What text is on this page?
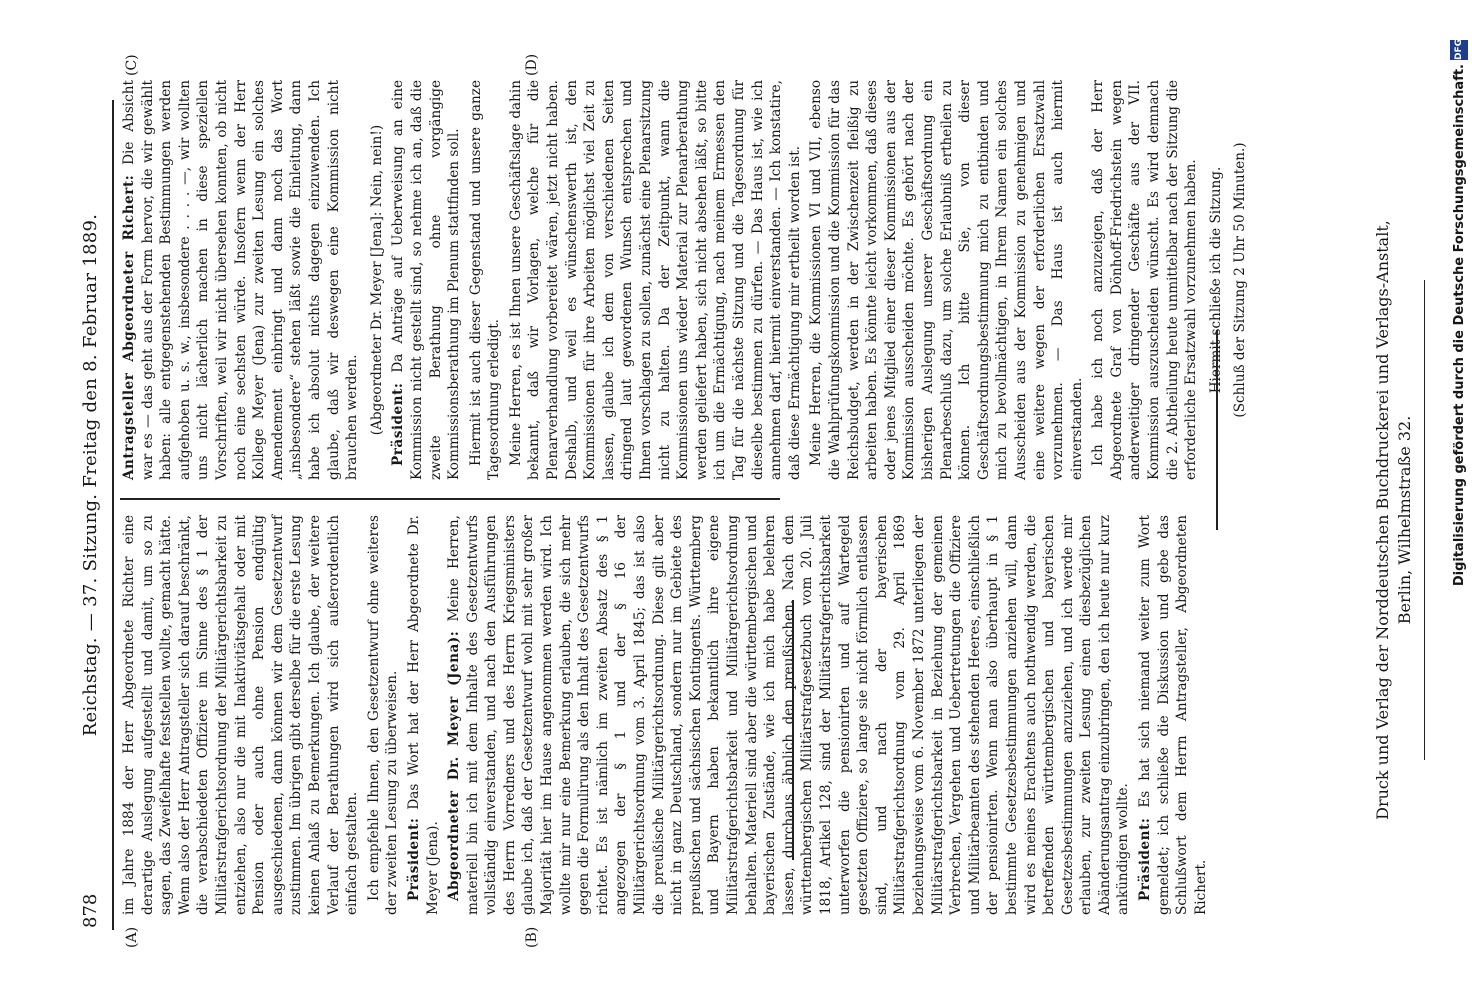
878
Reichstag. — 37. Sitzung. Freitag den 8. Februar 1889.
(A)	(B)
(C)	(D)

im Jahre 1884 der Herr Abgeordnete Richter eine derartige Auslegung aufgestellt und damit, um so zu sagen, das Zweifelhafte feststellen wollte, gemacht hätte. Wenn also der Herr Antragsteller sich darauf beschränkt, die verabschiedeten Offiziere im Sinne des § 1 der Militärstrafgerichtsordnung der Militärgerichtsbarkeit zu entziehen, also nur die mit Inaktivitätsgehalt oder mit Pension oder auch ohne Pension endgültig ausgeschiedenen, dann können wir dem Gesetzentwurf zustimmen. Im übrigen gibt derselbe für die erste Lesung keinen Anlaß zu Bemerkungen. Ich glaube, der weitere Verlauf der Berathungen wird sich außerordentlich einfach gestalten. Ich empfehle Ihnen, den Gesetzentwurf ohne weiteres der zweiten Lesung zu überweisen. Präsident: Das Wort hat der Herr Abgeordnete Dr. Meyer (Jena). Abgeordneter Dr. Meyer (Jena): Meine Herren, materiell bin ich mit dem Inhalte des Gesetzentwurfs vollständig einverstanden, und nach den Ausführungen des Herrn Vorredners und des Herrn Kriegsministers glaube ich, daß der Gesetzentwurf wohl mit sehr großer Majorität hier im Hause angenommen werden wird. Ich wollte mir nur eine Bemerkung erlauben, die sich mehr gegen die Formulirung als den Inhalt des Gesetzentwurfs richtet. Es ist nämlich im zweiten Absatz des § 1 angezogen der § 1 und der § 16 der Militärgerichtsordnung vom 3. April 1845; das ist also die preußische Militärgerichtsordnung. Diese gilt aber nicht in ganz Deutschland, sondern nur im Gebiete des preußischen und sächsischen Kontingents. Württemberg und Bayern haben bekanntlich ihre eigene Militärstrafgerichtsbarkeit und Militärgerichtsordnung behalten. Materiell sind aber die württembergischen und bayerischen Zustände, wie ich mich habe belehren lassen, durchaus ähnlich den preußischen. Nach dem württembergischen Militärstrafgesetzbuch vom 20. Juli 1818, Artikel 128, sind der Militärstrafgerichtsbarkeit unterworfen die pensionirten und auf Wartegeld gesetzten Offiziere, so lange sie nicht förmlich entlassen sind, und nach der bayerischen Militärstrafgerichtsordnung vom 29. April 1869 beziehungsweise vom 6. November 1872 unterliegen der Militärstrafgerichtsbarkeit in Beziehung der gemeinen Verbrechen, Vergehen und Uebertretungen die Offiziere und Militärbeamten des stehenden Heeres, einschließlich der pensionirten. Wenn man also überhaupt in § 1 bestimmte Gesetzesbestimmungen anziehen will, dann wird es meines Erachtens auch nothwendig werden, die betreffenden württembergischen und bayerischen Gesetzesbestimmungen anzuziehen, und ich werde mir erlauben, zur zweiten Lesung einen diesbezüglichen Abänderungsantrag einzubringen, den ich heute nur kurz ankündigen wollte. Präsident: Es hat sich niemand weiter zum Wort gemeldet; ich schließe die Diskussion und gebe das Schlußwort dem Herrn Antragsteller, Abgeordneten Richert.

Antragsteller Abgeordneter Richert: Die Absicht war es — das geht aus der Form hervor, die wir gewählt haben: alle entgegenstehenden Bestimmungen werden aufgehoben u. s. w., insbesondere . . . . —, wir wollten uns nicht lächerlich machen in diese speziellen Vorschriften, weil wir nicht übersehen konnten, ob nicht noch eine sechsten würde. Insofern wenn der Herr Kollege Meyer (Jena) zur zweiten Lesung ein solches Amendement einbringt und dann noch das Wort „insbesondere“ stehen läßt sowie die Einleitung, dann habe ich absolut nichts dagegen einzuwenden. Ich glaube, daß wir deswegen eine Kommission nicht brauchen werden. (Abgeordneter Dr. Meyer [Jena]: Nein, nein!) Präsident: Da Anträge auf Ueberweisung an eine Kommission nicht gestellt sind, so nehme ich an, daß die zweite Berathung ohne vorgängige Kommissionsberathung im Plenum stattfinden soll. Hiermit ist auch dieser Gegenstand und unsere ganze Tagesordnung erledigt. Meine Herren, es ist Ihnen unsere Geschäftslage dahin bekannt, daß wir Vorlagen, welche für die Plenarverhandlung vorbereitet wären, jetzt nicht haben. Deshalb, und weil es wünschenswerth ist, den Kommissionen für ihre Arbeiten möglichst viel Zeit zu lassen, glaube ich dem von verschiedenen Seiten dringend laut gewordenen Wunsch entsprechen und Ihnen vorschlagen zu sollen, zunächst eine Plenarsitzung nicht zu halten. Da der Zeitpunkt, wann die Kommissionen uns wieder Material zur Plenarberathung werden geliefert haben, sich nicht absehen läßt, so bitte ich um die Ermächtigung, nach meinem Ermessen den Tag für die nächste Sitzung und die Tagesordnung für dieselbe bestimmen zu dürfen. — Das Haus ist, wie ich annehmen darf, hiermit einverstanden. — Ich konstatire, daß diese Ermächtigung mir ertheilt worden ist. Meine Herren, die Kommissionen VI und VII, ebenso die Wahlprüfungskommission und die Kommission für das Reichsbudget, werden in der Zwischenzeit fleißig zu arbeiten haben. Es könnte leicht vorkommen, daß dieses oder jenes Mitglied einer dieser Kommissionen aus der Kommission ausscheiden möchte. Es gehört nach der bisherigen Auslegung unserer Geschäftsordnung ein Plenarbeschluß dazu, um solche Erlaubniß ertheilen zu können. Ich bitte Sie, von dieser Geschäftsordnungsbestimmung mich zu entbinden und mich zu bevollmächtigen, in Ihrem Namen ein solches Ausscheiden aus der Kommission zu genehmigen und eine weitere wegen der erforderlichen Ersatzwahl vorzunehmen. — Das Haus ist auch hiermit einverstanden. Ich habe ich noch anzuzeigen, daß der Herr Abgeordnete Graf von Dönhoff-Friedrichstein wegen anderweitiger dringender Geschäfte aus der VII. Kommission auszuscheiden wünscht. Es wird demnach die 2. Abtheilung heute unmittelbar nach der Sitzung die erforderliche Ersatzwahl vorzunehmen haben. Hiermit schließe ich die Sitzung. (Schluß der Sitzung 2 Uhr 50 Minuten.)	Druck und Verlag der Norddeutschen Buchdruckerei und Verlags-Anstalt, Berlin, Wilhelmstraße 32.	Digitalisierung gefördert durch die Deutsche Forschungsgemeinschaft.
DFG
